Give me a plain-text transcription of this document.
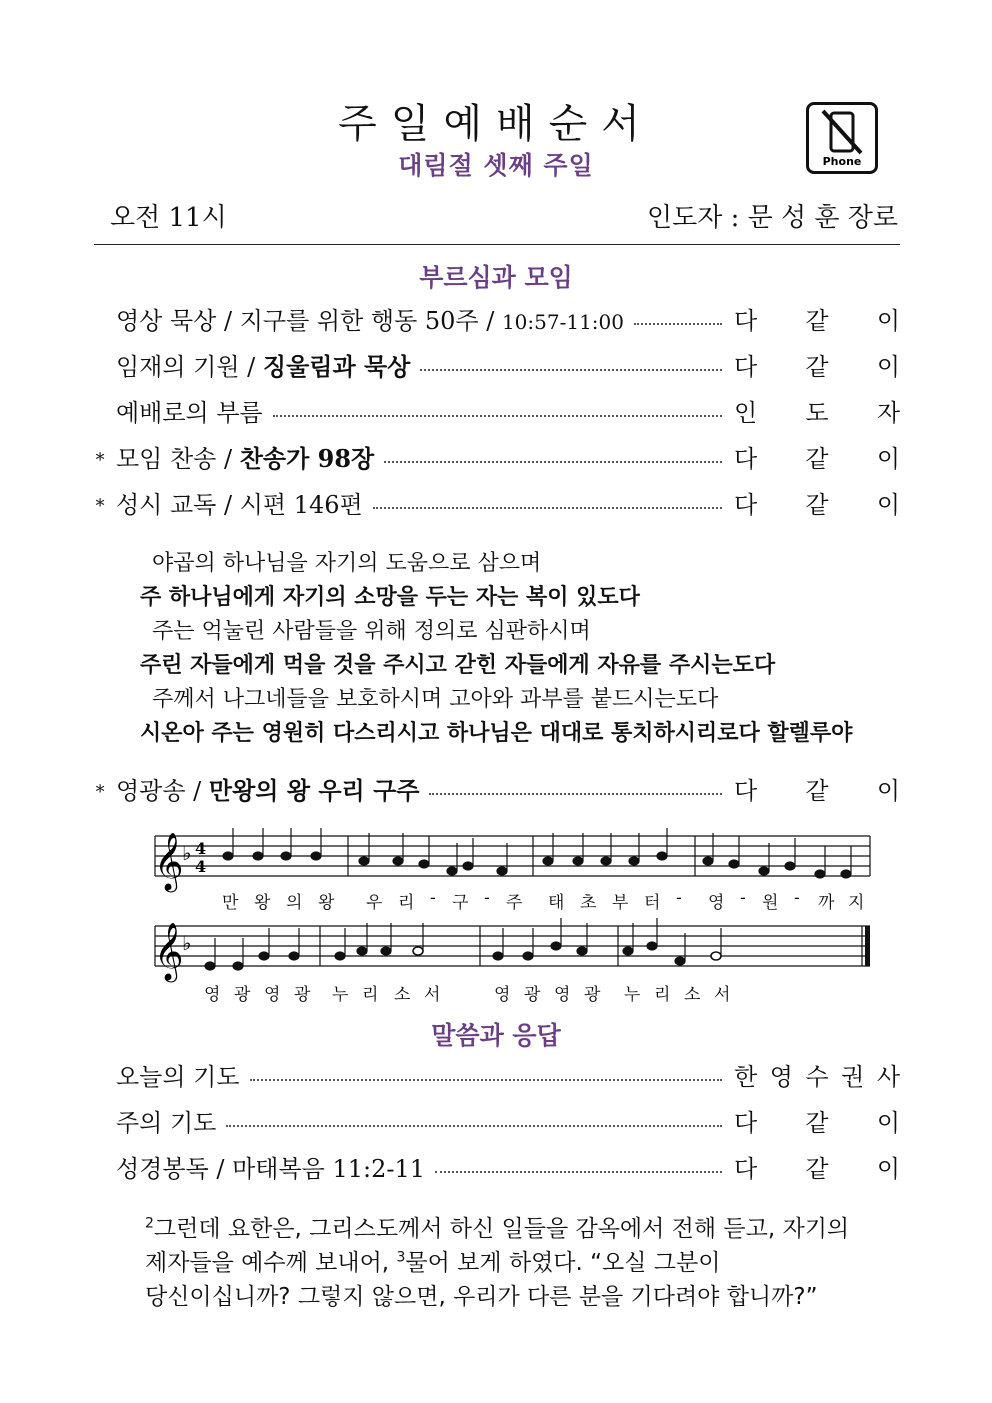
주일예배순서
대림절 셋째 주일	Phone
오전 11시	인도자 : 문 성 훈 장로
부르심과 모임
영상 묵상 / 지구를 위한 행동 50주 / 10:57-11:00	다 같 이
임재의 기원 / 징울림과 묵상	다 같 이
예배로의 부름	인 도 자
∗ 모임 찬송 / 찬송가 98장	다 같 이
∗ 성시 교독 / 시편 146편	다 같 이
야곱의 하나님을 자기의 도움으로 삼으며
주 하나님에게 자기의 소망을 두는 자는 복이 있도다
주는 억눌린 사람들을 위해 정의로 심판하시며
주린 자들에게 먹을 것을 주시고 갇힌 자들에게 자유를 주시는도다
주께서 나그네들을 보호하시며 고아와 과부를 붙드시는도다
시온아 주는 영원히 다스리시고 하나님은 대대로 통치하시리로다 할렐루야
∗ 영광송 / 만왕의 왕 우리 구주	다 같 이
𝄞
♭ 4
4
만 왕 의 왕 우 리 - 구 - 주 태 초 부 터 - 영 - 원 - 까 지
𝄞
♭
영 광 영 광 누 리 소 서	영 광 영 광 누 리 소 서
말씀과 응답
오늘의 기도	한 영 수 권 사
주의 기도	다 같 이
성경봉독 / 마태복음 11:2-11	다 같 이
$^2$그런데 요한은, 그리스도께서 하신 일들을 감옥에서 전해 듣고, 자기의
제자들을 예수께 보내어, $^3$물어 보게 하였다. “오실 그분이
당신이십니까? 그렇지 않으면, 우리가 다른 분을 기다려야 합니까?”
